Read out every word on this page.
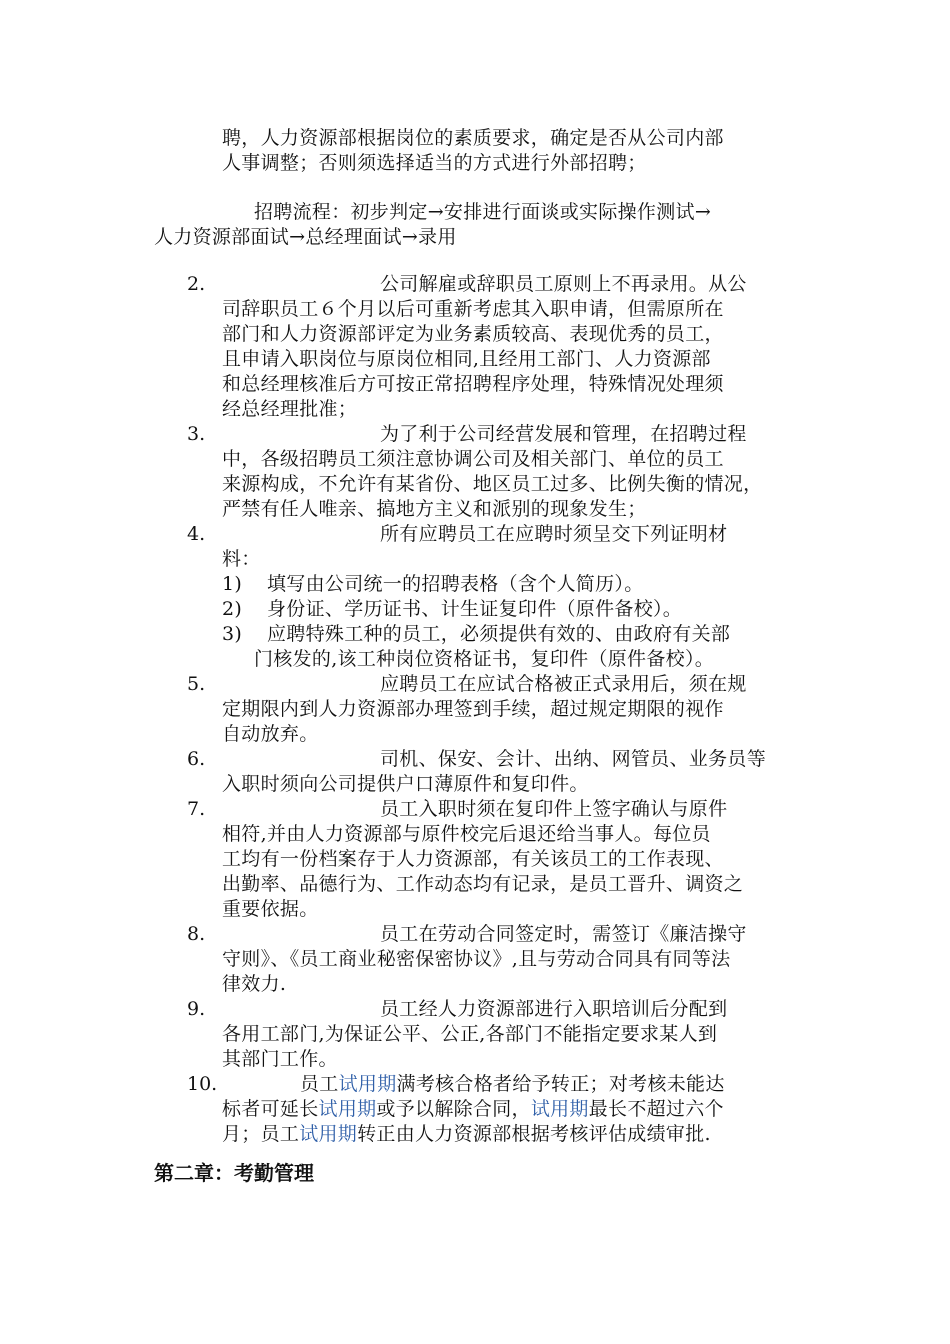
聘，人力资源部根据岗位的素质要求，确定是否从公司内部
人事调整；否则须选择适当的方式进行外部招聘；
招聘流程：初步判定→安排进行面谈或实际操作测试→
人力资源部面试→总经理面试→录用
2.	公司解雇或辞职员工原则上不再录用。从公
司辞职员工６个月以后可重新考虑其入职申请，但需原所在
部门和人力资源部评定为业务素质较高、表现优秀的员工，
且申请入职岗位与原岗位相同,且经用工部门、人力资源部
和总经理核准后方可按正常招聘程序处理，特殊情况处理须
经总经理批准；
3.	为了利于公司经营发展和管理，在招聘过程
中，各级招聘员工须注意协调公司及相关部门、单位的员工
来源构成，不允许有某省份、地区员工过多、比例失衡的情况，
严禁有任人唯亲、搞地方主义和派别的现象发生；
4.	所有应聘员工在应聘时须呈交下列证明材
料：
1) 填写由公司统一的招聘表格（含个人简历）。
2) 身份证、学历证书、计生证复印件（原件备校）。
3) 应聘特殊工种的员工，必须提供有效的、由政府有关部
门核发的,该工种岗位资格证书，复印件（原件备校）。
5.	应聘员工在应试合格被正式录用后，须在规
定期限内到人力资源部办理签到手续，超过规定期限的视作
自动放弃。
6.	司机、保安、会计、出纳、网管员、业务员等
入职时须向公司提供户口薄原件和复印件。
7.	员工入职时须在复印件上签字确认与原件
相符,并由人力资源部与原件校完后退还给当事人。每位员
工均有一份档案存于人力资源部，有关该员工的工作表现、
出勤率、品德行为、工作动态均有记录，是员工晋升、调资之
重要依据。
8.	员工在劳动合同签定时，需签订《廉洁操守
守则》、《员工商业秘密保密协议》,且与劳动合同具有同等法
律效力.
9.	员工经人力资源部进行入职培训后分配到
各用工部门,为保证公平、公正,各部门不能指定要求某人到
其部门工作。
10.	员工试用期满考核合格者给予转正；对考核未能达
标者可延长试用期或予以解除合同，试用期最长不超过六个
月；员工试用期转正由人力资源部根据考核评估成绩审批.
第二章：考勤管理
